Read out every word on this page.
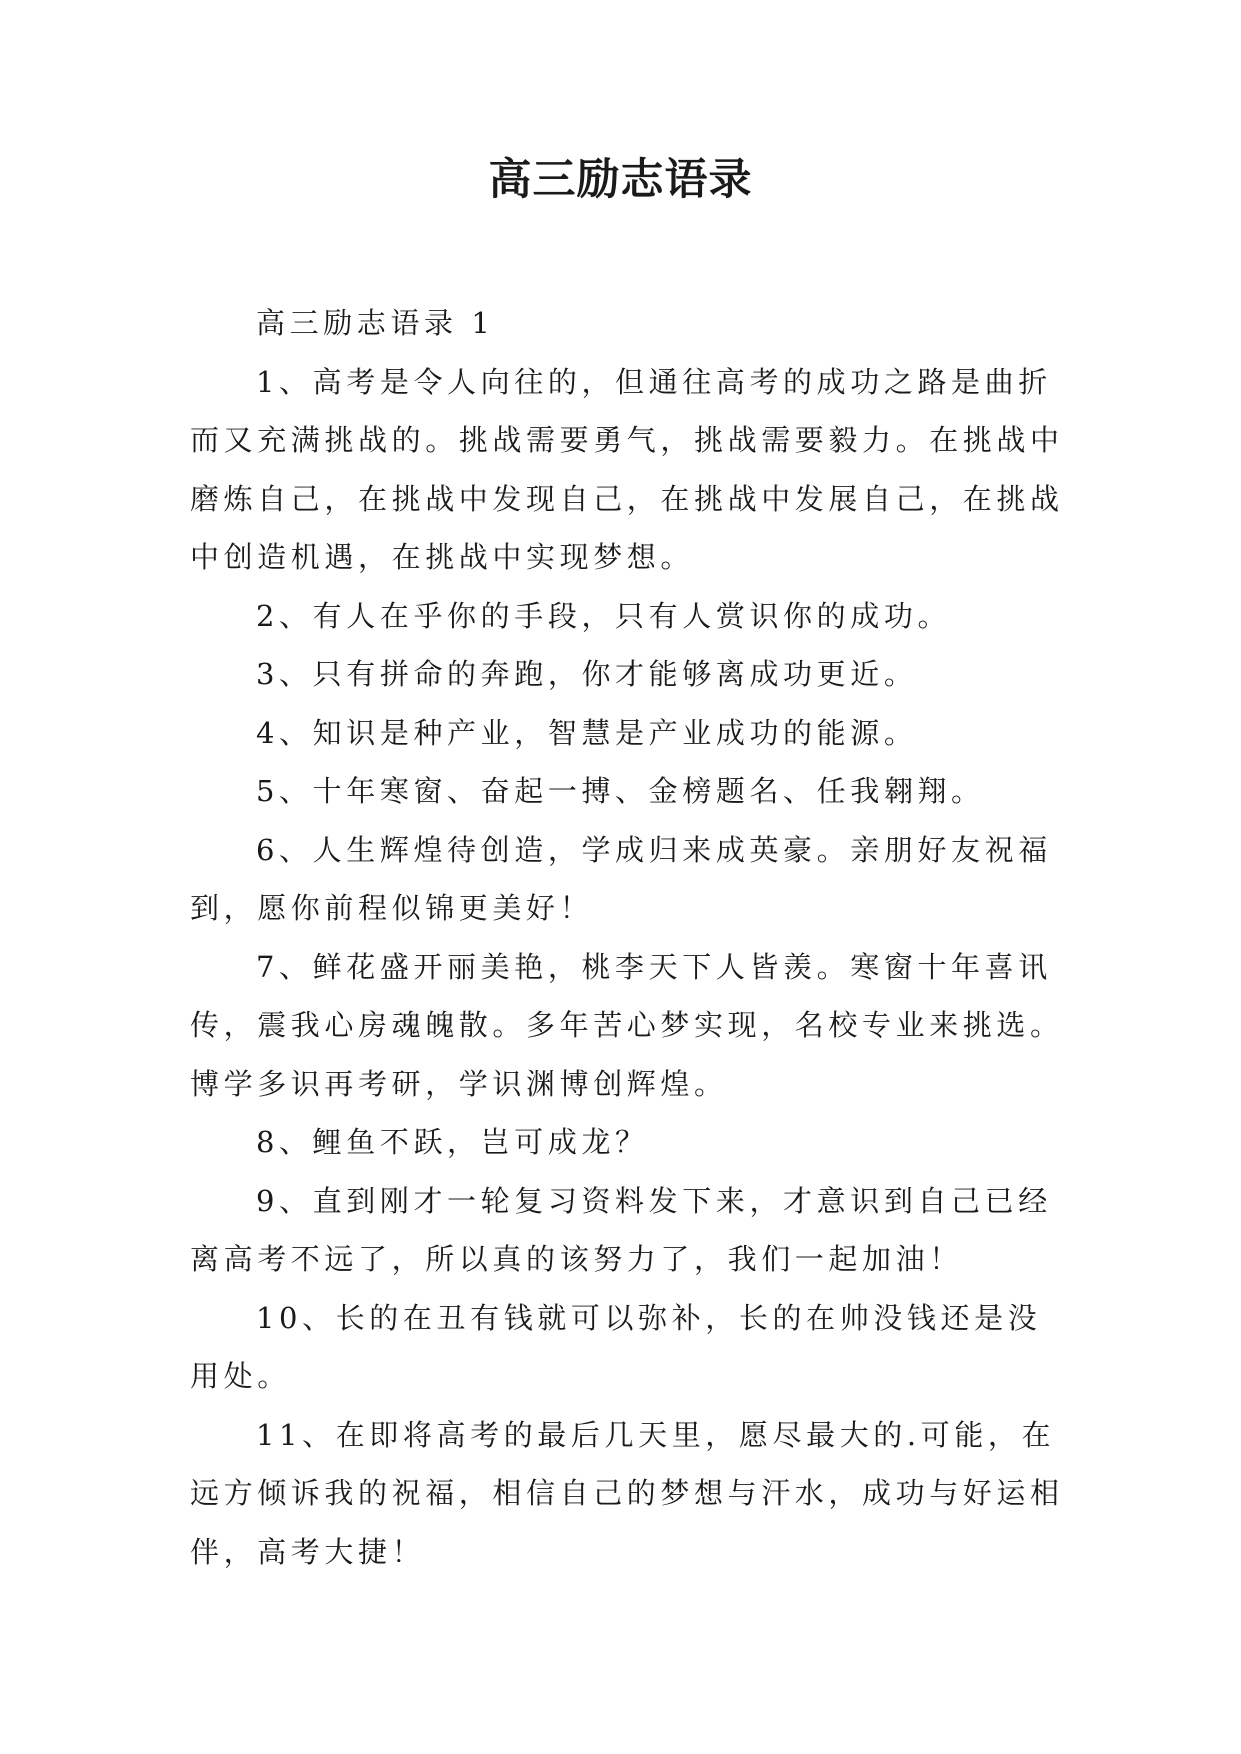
高三励志语录

高三励志语录 1

1、高考是令人向往的，但通往高考的成功之路是曲折而又充满挑战的。挑战需要勇气，挑战需要毅力。在挑战中磨炼自己，在挑战中发现自己，在挑战中发展自己，在挑战中创造机遇，在挑战中实现梦想。

2、有人在乎你的手段，只有人赏识你的成功。

3、只有拼命的奔跑，你才能够离成功更近。

4、知识是种产业，智慧是产业成功的能源。

5、十年寒窗、奋起一搏、金榜题名、任我翱翔。

6、人生辉煌待创造，学成归来成英豪。亲朋好友祝福到，愿你前程似锦更美好！

7、鲜花盛开丽美艳，桃李天下人皆羡。寒窗十年喜讯传，震我心房魂魄散。多年苦心梦实现，名校专业来挑选。博学多识再考研，学识渊博创辉煌。

8、鲤鱼不跃，岂可成龙？

9、直到刚才一轮复习资料发下来，才意识到自己已经离高考不远了，所以真的该努力了，我们一起加油！

10、长的在丑有钱就可以弥补，长的在帅没钱还是没用处。

11、在即将高考的最后几天里，愿尽最大的.可能，在远方倾诉我的祝福，相信自己的梦想与汗水，成功与好运相伴，高考大捷！
